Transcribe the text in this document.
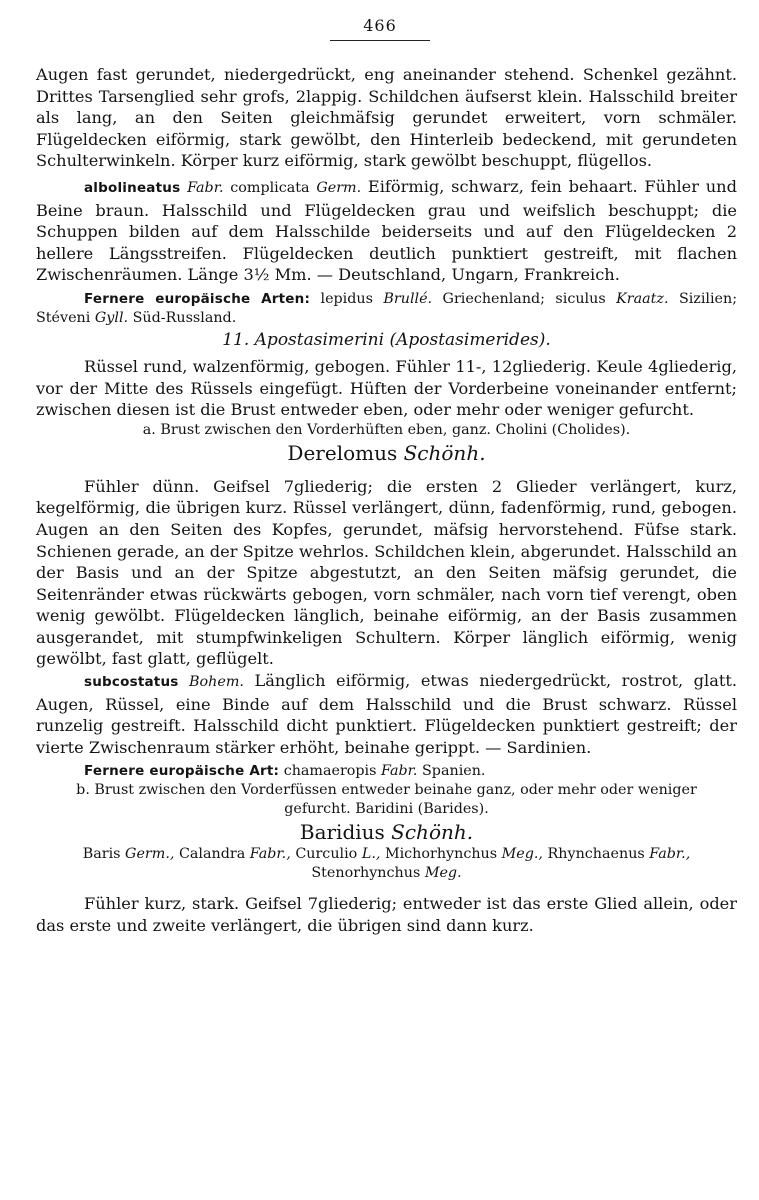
466

Augen fast gerundet, niedergedrückt, eng aneinander stehend. Schenkel gezähnt. Drittes Tarsenglied sehr grofs, 2lappig. Schildchen äufserst klein. Halsschild breiter als lang, an den Seiten gleichmäfsig gerundet erweitert, vorn schmäler. Flügeldecken eiförmig, stark gewölbt, den Hinterleib bedeckend, mit gerundeten Schulterwinkeln. Körper kurz eiförmig, stark gewölbt beschuppt, flügellos.

albolineatus Fabr. complicata Germ. Eiförmig, schwarz, fein behaart. Fühler und Beine braun. Halsschild und Flügeldecken grau und weifslich beschuppt; die Schuppen bilden auf dem Halsschilde beiderseits und auf den Flügeldecken 2 hellere Längsstreifen. Flügeldecken deutlich punktiert gestreift, mit flachen Zwischenräumen. Länge 3½ Mm. — Deutschland, Ungarn, Frankreich.

Fernere europäische Arten: lepidus Brullé. Griechenland; siculus Kraatz. Sizilien; Stéveni Gyll. Süd-Russland.

11. Apostasimerini (Apostasimerides).

Rüssel rund, walzenförmig, gebogen. Fühler 11-, 12gliederig. Keule 4gliederig, vor der Mitte des Rüssels eingefügt. Hüften der Vorderbeine voneinander entfernt; zwischen diesen ist die Brust entweder eben, oder mehr oder weniger gefurcht.

a. Brust zwischen den Vorderhüften eben, ganz. Cholini (Cholides).

Derelomus Schönh.

Fühler dünn. Geifsel 7gliederig; die ersten 2 Glieder verlängert, kurz, kegelförmig, die übrigen kurz. Rüssel verlängert, dünn, fadenförmig, rund, gebogen. Augen an den Seiten des Kopfes, gerundet, mäfsig hervorstehend. Füfse stark. Schienen gerade, an der Spitze wehrlos. Schildchen klein, abgerundet. Halsschild an der Basis und an der Spitze abgestutzt, an den Seiten mäfsig gerundet, die Seitenränder etwas rückwärts gebogen, vorn schmäler, nach vorn tief verengt, oben wenig gewölbt. Flügeldecken länglich, beinahe eiförmig, an der Basis zusammen ausgerandet, mit stumpfwinkeligen Schultern. Körper länglich eiförmig, wenig gewölbt, fast glatt, geflügelt.

subcostatus Bohem. Länglich eiförmig, etwas niedergedrückt, rostrot, glatt. Augen, Rüssel, eine Binde auf dem Halsschild und die Brust schwarz. Rüssel runzelig gestreift. Halsschild dicht punktiert. Flügeldecken punktiert gestreift; der vierte Zwischenraum stärker erhöht, beinahe gerippt. — Sardinien.

Fernere europäische Art: chamaeropis Fabr. Spanien.

b. Brust zwischen den Vorderfüssen entweder beinahe ganz, oder mehr oder weniger
gefurcht. Baridini (Barides).

Baridius Schönh.

Baris Germ., Calandra Fabr., Curculio L., Michorhynchus Meg., Rhynchaenus Fabr.,
Stenorhynchus Meg.

Fühler kurz, stark. Geifsel 7gliederig; entweder ist das erste Glied allein, oder das erste und zweite verlängert, die übrigen sind dann kurz.
